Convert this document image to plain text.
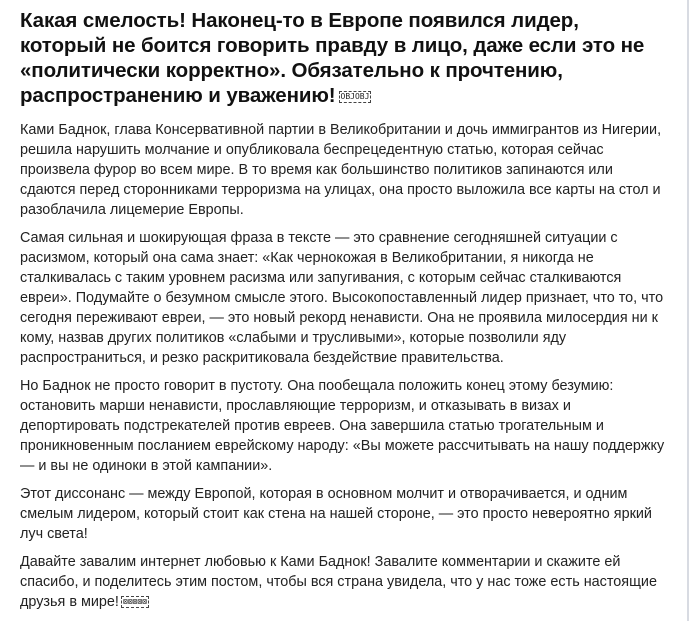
Какая смелость! Наконец-то в Европе появился лидер, который не боится говорить правду в лицо, даже если это не «политически корректно». Обязательно к прочтению, распространению и уважению! OBJOBJ

Ками Баднок, глава Консервативной партии в Великобритании и дочь иммигрантов из Нигерии, решила нарушить молчание и опубликовала беспрецедентную статью, которая сейчас произвела фурор во всем мире. В то время как большинство политиков запинаются или сдаются перед сторонниками терроризма на улицах, она просто выложила все карты на стол и разоблачила лицемерие Европы.

Самая сильная и шокирующая фраза в тексте — это сравнение сегодняшней ситуации с расизмом, который она сама знает: «Как чернокожая в Великобритании, я никогда не сталкивалась с таким уровнем расизма или запугивания, с которым сейчас сталкиваются евреи». Подумайте о безумном смысле этого. Высокопоставленный лидер признает, что то, что сегодня переживают евреи, — это новый рекорд ненависти. Она не проявила милосердия ни к кому, назвав других политиков «слабыми и трусливыми», которые позволили яду распространиться, и резко раскритиковала бездействие правительства.

Но Баднок не просто говорит в пустоту. Она пообещала положить конец этому безумию: остановить марши ненависти, прославляющие терроризм, и отказывать в визах и депортировать подстрекателей против евреев. Она завершила статью трогательным и проникновенным посланием еврейскому народу: «Вы можете рассчитывать на нашу поддержку — и вы не одиноки в этой кампании».

Этот диссонанс — между Европой, которая в основном молчит и отворачивается, и одним смелым лидером, который стоит как стена на нашей стороне, — это просто невероятно яркий луч света!

Давайте завалим интернет любовью к Ками Баднок! Завалите комментарии и скажите ей спасибо, и поделитесь этим постом, чтобы вся страна увидела, что у нас тоже есть настоящие друзья в мире! ⊠⊠⊠⊠⊠
